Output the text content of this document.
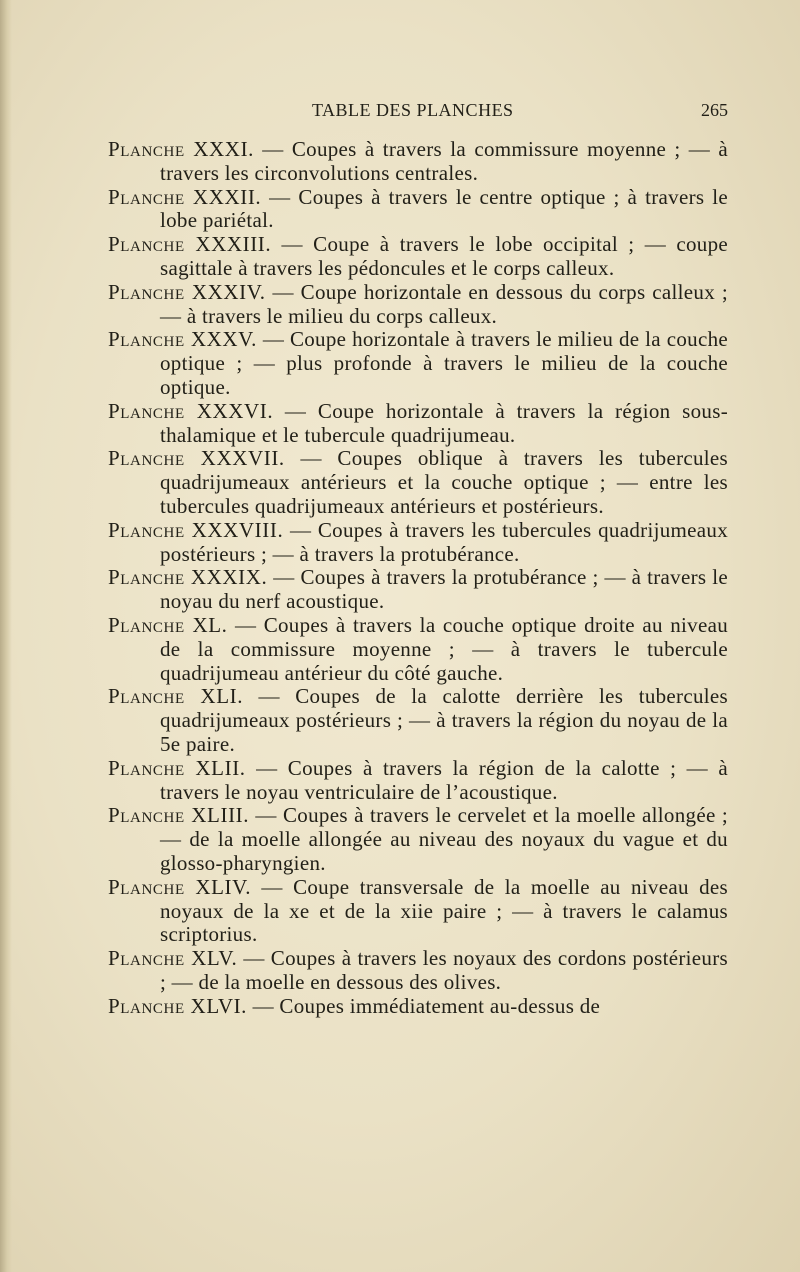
TABLE DES PLANCHES	265

Planche XXXI. — Coupes à travers la commissure moyenne ; — à travers les circonvolutions centrales.

Planche XXXII. — Coupes à travers le centre optique ; à travers le lobe pariétal.

Planche XXXIII. — Coupe à travers le lobe occipital ; — coupe sagittale à travers les pédoncules et le corps calleux.

Planche XXXIV. — Coupe horizontale en dessous du corps calleux ; — à travers le milieu du corps calleux.

Planche XXXV. — Coupe horizontale à travers le milieu de la couche optique ; — plus profonde à travers le milieu de la couche optique.

Planche XXXVI. — Coupe horizontale à travers la région sous-thalamique et le tubercule quadrijumeau.

Planche XXXVII. — Coupes oblique à travers les tubercules quadrijumeaux antérieurs et la couche optique ; — entre les tubercules quadrijumeaux antérieurs et postérieurs.

Planche XXXVIII. — Coupes à travers les tubercules quadrijumeaux postérieurs ; — à travers la protubérance.

Planche XXXIX. — Coupes à travers la protubérance ; — à travers le noyau du nerf acoustique.

Planche XL. — Coupes à travers la couche optique droite au niveau de la commissure moyenne ; — à travers le tubercule quadrijumeau antérieur du côté gauche.

Planche XLI. — Coupes de la calotte derrière les tubercules quadrijumeaux postérieurs ; — à travers la région du noyau de la 5e paire.

Planche XLII. — Coupes à travers la région de la calotte ; — à travers le noyau ventriculaire de l’acoustique.

Planche XLIII. — Coupes à travers le cervelet et la moelle allongée ; — de la moelle allongée au niveau des noyaux du vague et du glosso-pharyngien.

Planche XLIV. — Coupe transversale de la moelle au niveau des noyaux de la xe et de la xiie paire ; — à travers le calamus scriptorius.

Planche XLV. — Coupes à travers les noyaux des cordons postérieurs ; — de la moelle en dessous des olives.

Planche XLVI. — Coupes immédiatement au-dessus de
